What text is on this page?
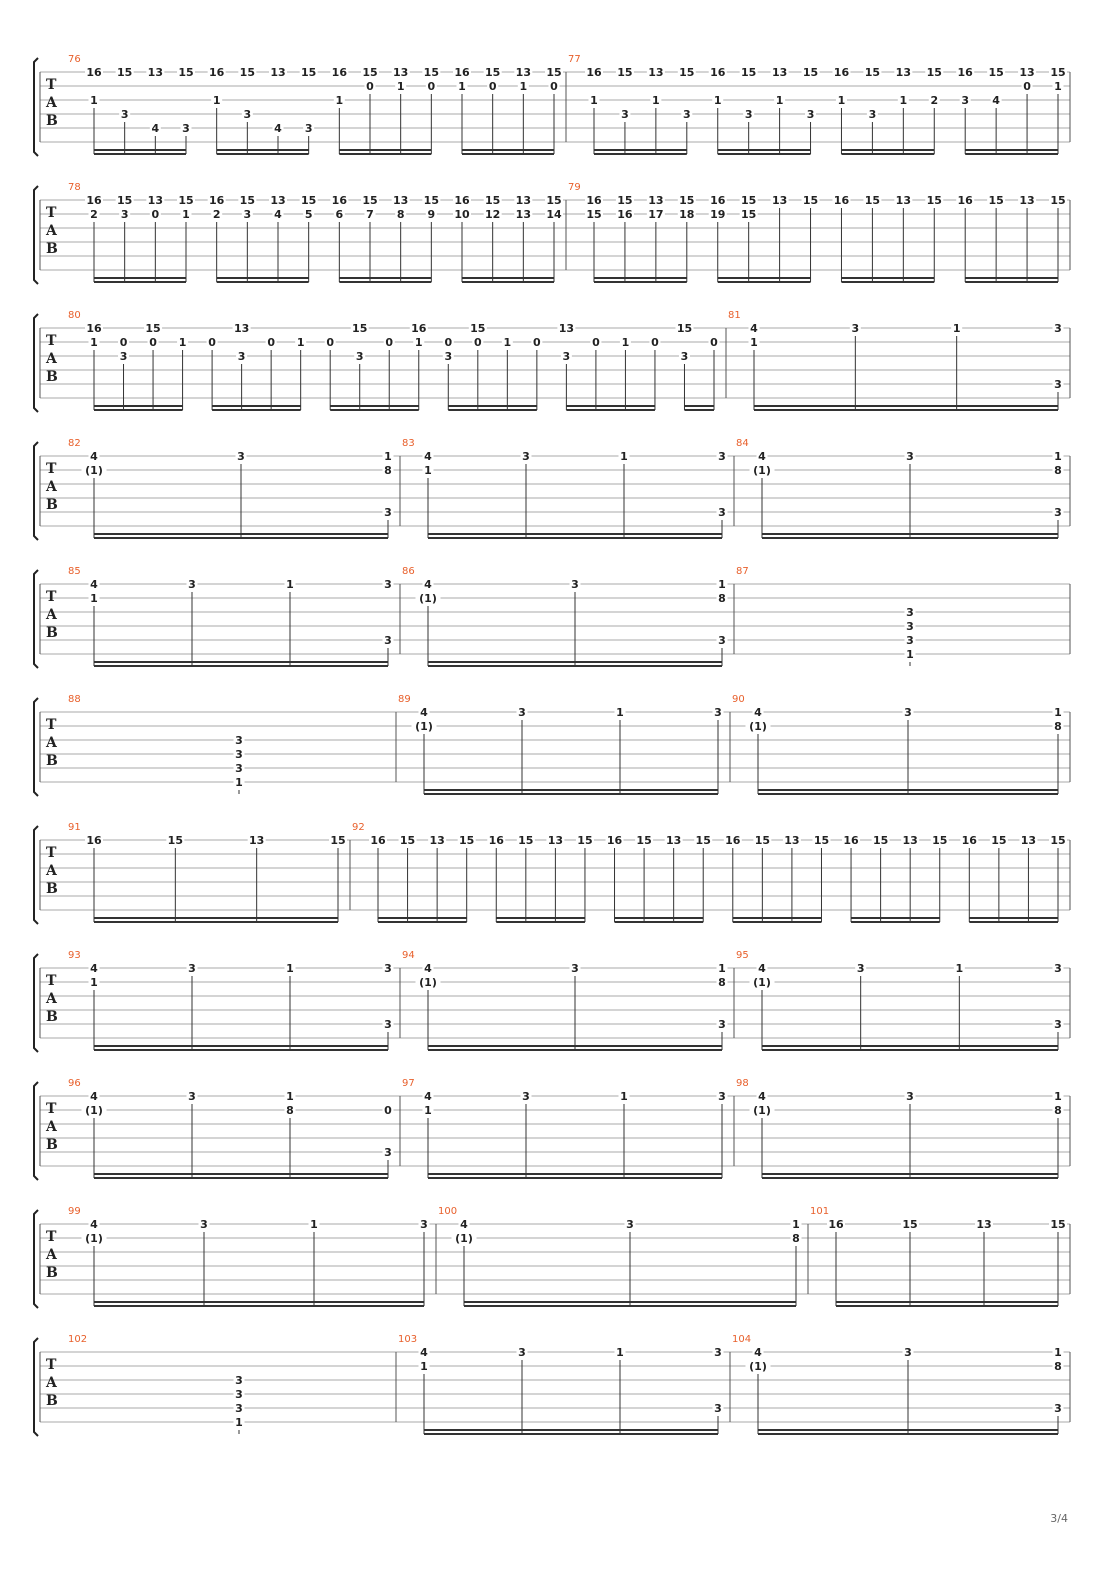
T
A
B
76
16
1
15
3
13
4
15
3
16
1
15
3
13
4
15
3
16
1
15
0
13
1
15
0
16
1
15
0
13
1
15
0
77
16
1
15
3
13
1
15
3
16
1
15
3
13
1
15
3
16
1
15
3
13
1
15
2
16
3
15
4
13
0
15
1
T
A
B
78
16
2
15
3
13
0
15
1
16
2
15
3
13
4
15
5
16
6
15
7
13
8
15
9
16
10
15
12
13
13
15
14
79
16
15
15
16
13
17
15
18
16
19
15
15
13 15 16 15 13 15 16 15 13 15
T
A
B
80
16
1 0
3
15
0 1 0
13
3
0 1 0
15
3
0
16
1 0
3
15
0 1 0
13
3
0 1 0
15
3
0
81
4
1
3	1	3
3
T
A
B
82
4
(1)
3	1
8
3
83
4
1
3	1	3
3
84
4
(1)
3	1
8
3
T
A
B
85
4
1
3	1	3
3
86
4
(1)
3	1
8
3
87
3
3
3
1
T
A
B
88
3
3
3
1
89
4
(1)
3	1	3
90
4
(1)
3	1
8
T
A
B
91
16	15	13	15
92
16 15 13 15 16 15 13 15 16 15 13 15 16 15 13 15 16 15 13 15 16 15 13 15
T
A
B
93
4
1
3	1	3
3
94
4
(1)
3	1
8
3
95
4
(1)
3	1	3
3
T
A
B
96
4
(1)
3	1
8	0
3
97
4
1
3	1	3
98
4
(1)
3	1
8
T
A
B
99
4
(1)
3	1	3
100
4
(1)
3	1
8
101
16	15	13	15
T
A
B
102
3
3
3
1
103
4
1
3	1	3
3
104
4
(1)
3	1
8
3
3/4
